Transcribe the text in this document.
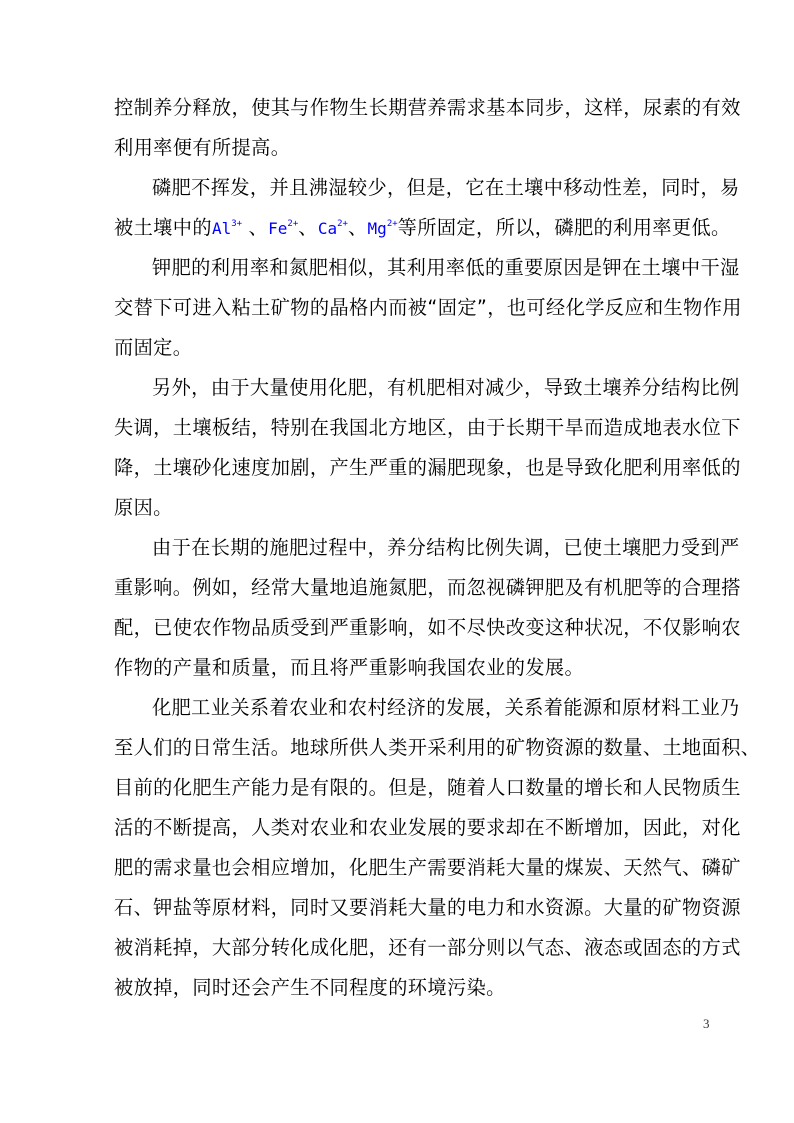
控制养分释放，使其与作物生长期营养需求基本同步，这样，尿素的有效
利用率便有所提高。
磷肥不挥发，并且沸湿较少，但是，它在土壤中移动性差，同时，易
被土壤中的$Al^{3+}$ 、$Fe^{2+}$、$Ca^{2+}$、$Mg^{2+}$等所固定，所以，磷肥的利用率更低。
钾肥的利用率和氮肥相似，其利用率低的重要原因是钾在土壤中干湿
交替下可进入粘土矿物的晶格内而被“固定”，也可经化学反应和生物作用
而固定。
另外，由于大量使用化肥，有机肥相对减少，导致土壤养分结构比例
失调，土壤板结，特别在我国北方地区，由于长期干旱而造成地表水位下
降，土壤砂化速度加剧，产生严重的漏肥现象，也是导致化肥利用率低的
原因。
由于在长期的施肥过程中，养分结构比例失调，已使土壤肥力受到严
重影响。例如，经常大量地追施氮肥，而忽视磷钾肥及有机肥等的合理搭
配，已使农作物品质受到严重影响，如不尽快改变这种状况，不仅影响农
作物的产量和质量，而且将严重影响我国农业的发展。
化肥工业关系着农业和农村经济的发展，关系着能源和原材料工业乃
至人们的日常生活。地球所供人类开采利用的矿物资源的数量、土地面积、
目前的化肥生产能力是有限的。但是，随着人口数量的增长和人民物质生
活的不断提高，人类对农业和农业发展的要求却在不断增加，因此，对化
肥的需求量也会相应增加，化肥生产需要消耗大量的煤炭、天然气、磷矿
石、钾盐等原材料，同时又要消耗大量的电力和水资源。大量的矿物资源
被消耗掉，大部分转化成化肥，还有一部分则以气态、液态或固态的方式
被放掉，同时还会产生不同程度的环境污染。
3
